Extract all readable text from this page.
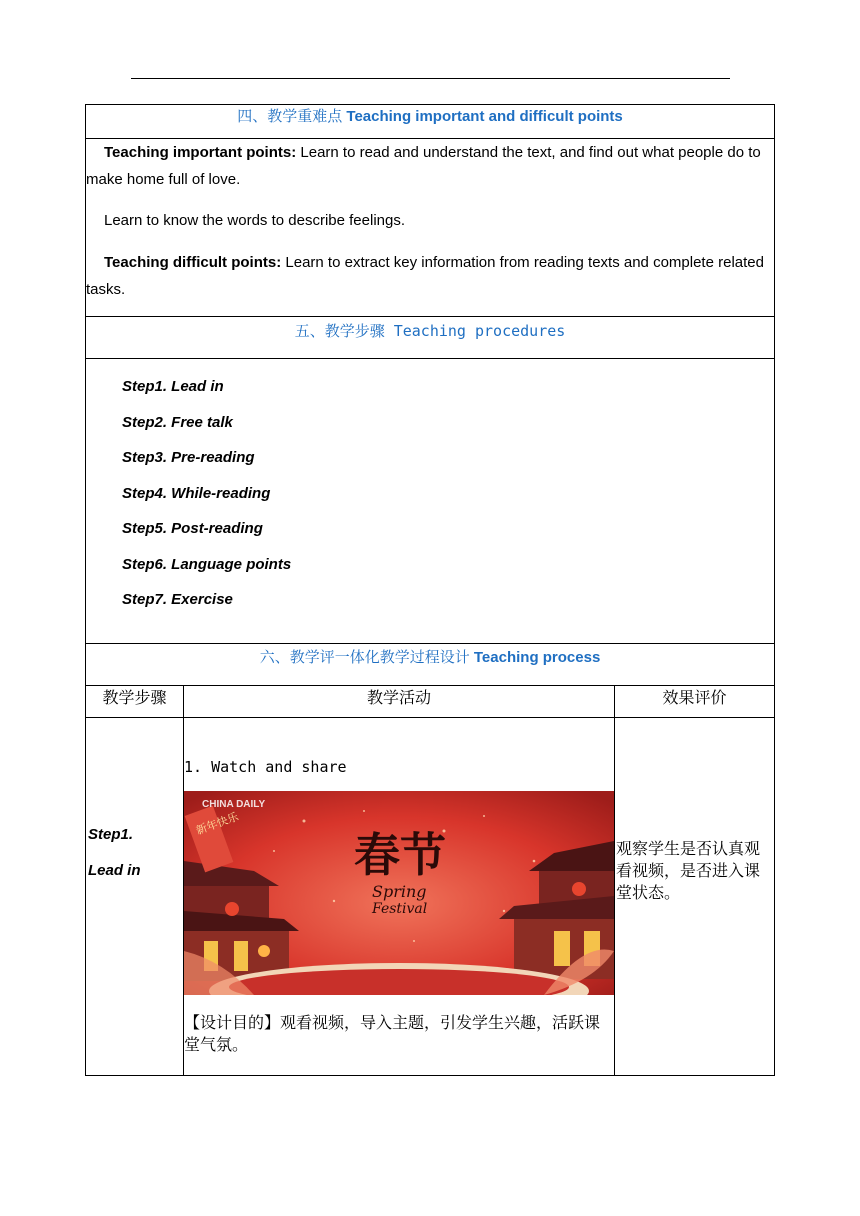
四、教学重难点 Teaching important and difficult points
Teaching important points: Learn to read and understand the text, and find out what people do to make home full of love.
Learn to know the words to describe feelings.
Teaching difficult points: Learn to extract key information from reading texts and complete related tasks.
五、教学步骤 Teaching procedures
Step1. Lead in
Step2. Free talk
Step3. Pre-reading
Step4. While-reading
Step5. Post-reading
Step6. Language points
Step7. Exercise
六、教学评一体化教学过程设计 Teaching process
教学步骤	教学活动	效果评价
Step1.
Lead in
1. Watch and share
新年快乐
CHINA DAILY
春节
Spring
Festival
【设计目的】观看视频，导入主题，引发学生兴趣，活跃课堂气氛。
观察学生是否认真观看视频，是否进入课堂状态。
